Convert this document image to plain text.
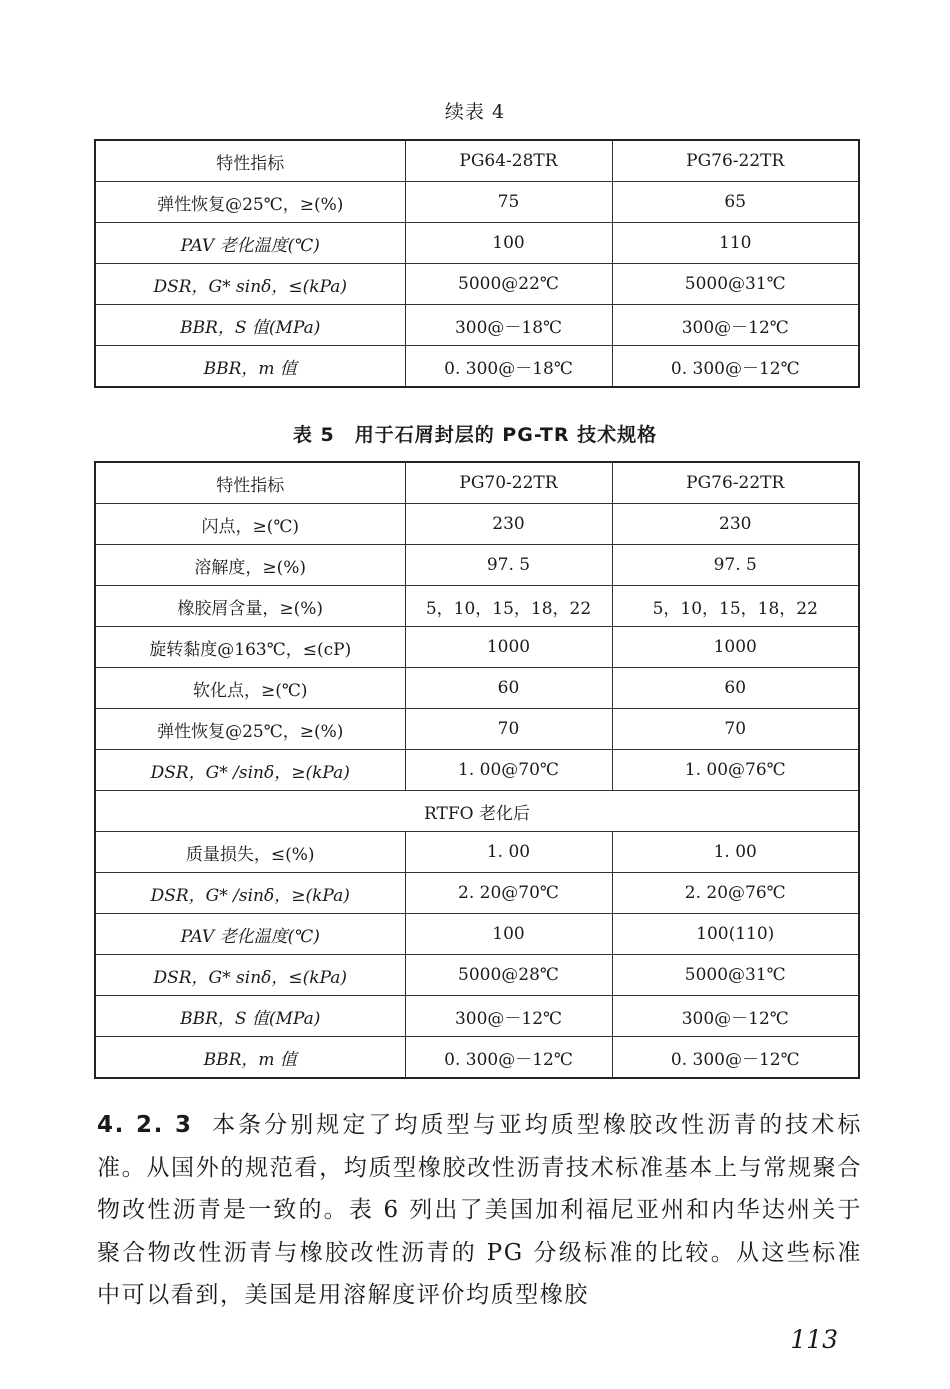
续表 4
特性指标	PG64-28TR	PG76-22TR
弹性恢复@25℃，≥(%)	75	65
PAV 老化温度(℃)	100	110
DSR，G* sinδ，≤(kPa)	5000@22℃	5000@31℃
BBR，S 值(MPa)	300@－18℃	300@－12℃
BBR，m 值	0. 300@－18℃	0. 300@－12℃
表 5　用于石屑封层的 PG-TR 技术规格
特性指标	PG70-22TR	PG76-22TR
闪点，≥(℃)	230	230
溶解度，≥(%)	97. 5	97. 5
橡胶屑含量，≥(%)	5，10，15，18，22	5，10，15，18，22
旋转黏度@163℃，≤(cP)	1000	1000
软化点，≥(℃)	60	60
弹性恢复@25℃，≥(%)	70	70
DSR，G* /sinδ，≥(kPa)	1. 00@70℃	1. 00@76℃
RTFO 老化后		
质量损失，≤(%)	1. 00	1. 00
DSR，G* /sinδ，≥(kPa)	2. 20@70℃	2. 20@76℃
PAV 老化温度(℃)	100	100(110)
DSR，G* sinδ，≤(kPa)	5000@28℃	5000@31℃
BBR，S 值(MPa)	300@－12℃	300@－12℃
BBR，m 值	0. 300@－12℃	0. 300@－12℃
4. 2. 3 本条分别规定了均质型与亚均质型橡胶改性沥青的技术标准。从国外的规范看，均质型橡胶改性沥青技术标准基本上与常规聚合物改性沥青是一致的。表 6 列出了美国加利福尼亚州和内华达州关于聚合物改性沥青与橡胶改性沥青的 PG 分级标准的比较。从这些标准中可以看到，美国是用溶解度评价均质型橡胶
113
